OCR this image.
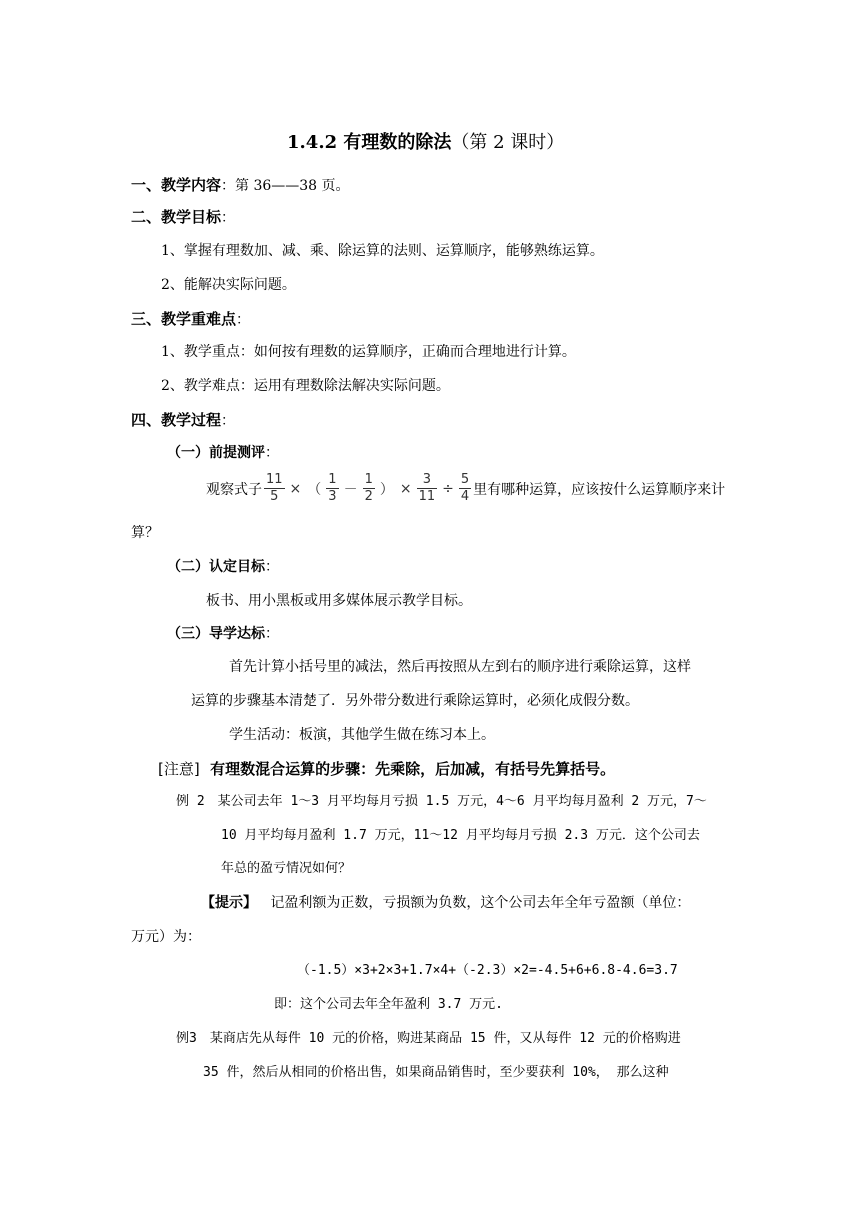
1.4.2 有理数的除法（第 2 课时）
一、教学内容：第 36——38 页。
二、教学目标：
1、掌握有理数加、减、乘、除运算的法则、运算顺序，能够熟练运算。
2、能解决实际问题。
三、教学重难点：
1、教学重点：如何按有理数的运算顺序，正确而合理地进行计算。
2、教学难点：运用有理数除法解决实际问题。
四、教学过程：
（一）前提测评：
观察式子 $\frac{11}{5}$ × （ $\frac{1}{3} - \frac{1}{2}$ ） × $\frac{3}{11} \div \frac{5}{4}$ 里有哪种运算，应该按什么运算顺序来计
算？
（二）认定目标：
板书、用小黑板或用多媒体展示教学目标。
（三）导学达标：
首先计算小括号里的减法，然后再按照从左到右的顺序进行乘除运算，这样
运算的步骤基本清楚了．另外带分数进行乘除运算时，必须化成假分数。
学生活动：板演，其他学生做在练习本上。
[注意] 有理数混合运算的步骤：先乘除，后加减，有括号先算括号。
例 2　某公司去年 1～3 月平均每月亏损 1.5 万元，4～6 月平均每月盈利 2 万元，7～
10 月平均每月盈利 1.7 万元，11～12 月平均每月亏损 2.3 万元．这个公司去
年总的盈亏情况如何？
【提示】 记盈利额为正数，亏损额为负数，这个公司去年全年亏盈额（单位：
万元）为：
（-1.5）×3+2×3+1.7×4+（-2.3）×2=-4.5+6+6.8-4.6=3.7
即：这个公司去年全年盈利 3.7 万元.
例3　某商店先从每件 10 元的价格，购进某商品 15 件，又从每件 12 元的价格购进
35 件，然后从相同的价格出售，如果商品销售时，至少要获利 10%， 那么这种
